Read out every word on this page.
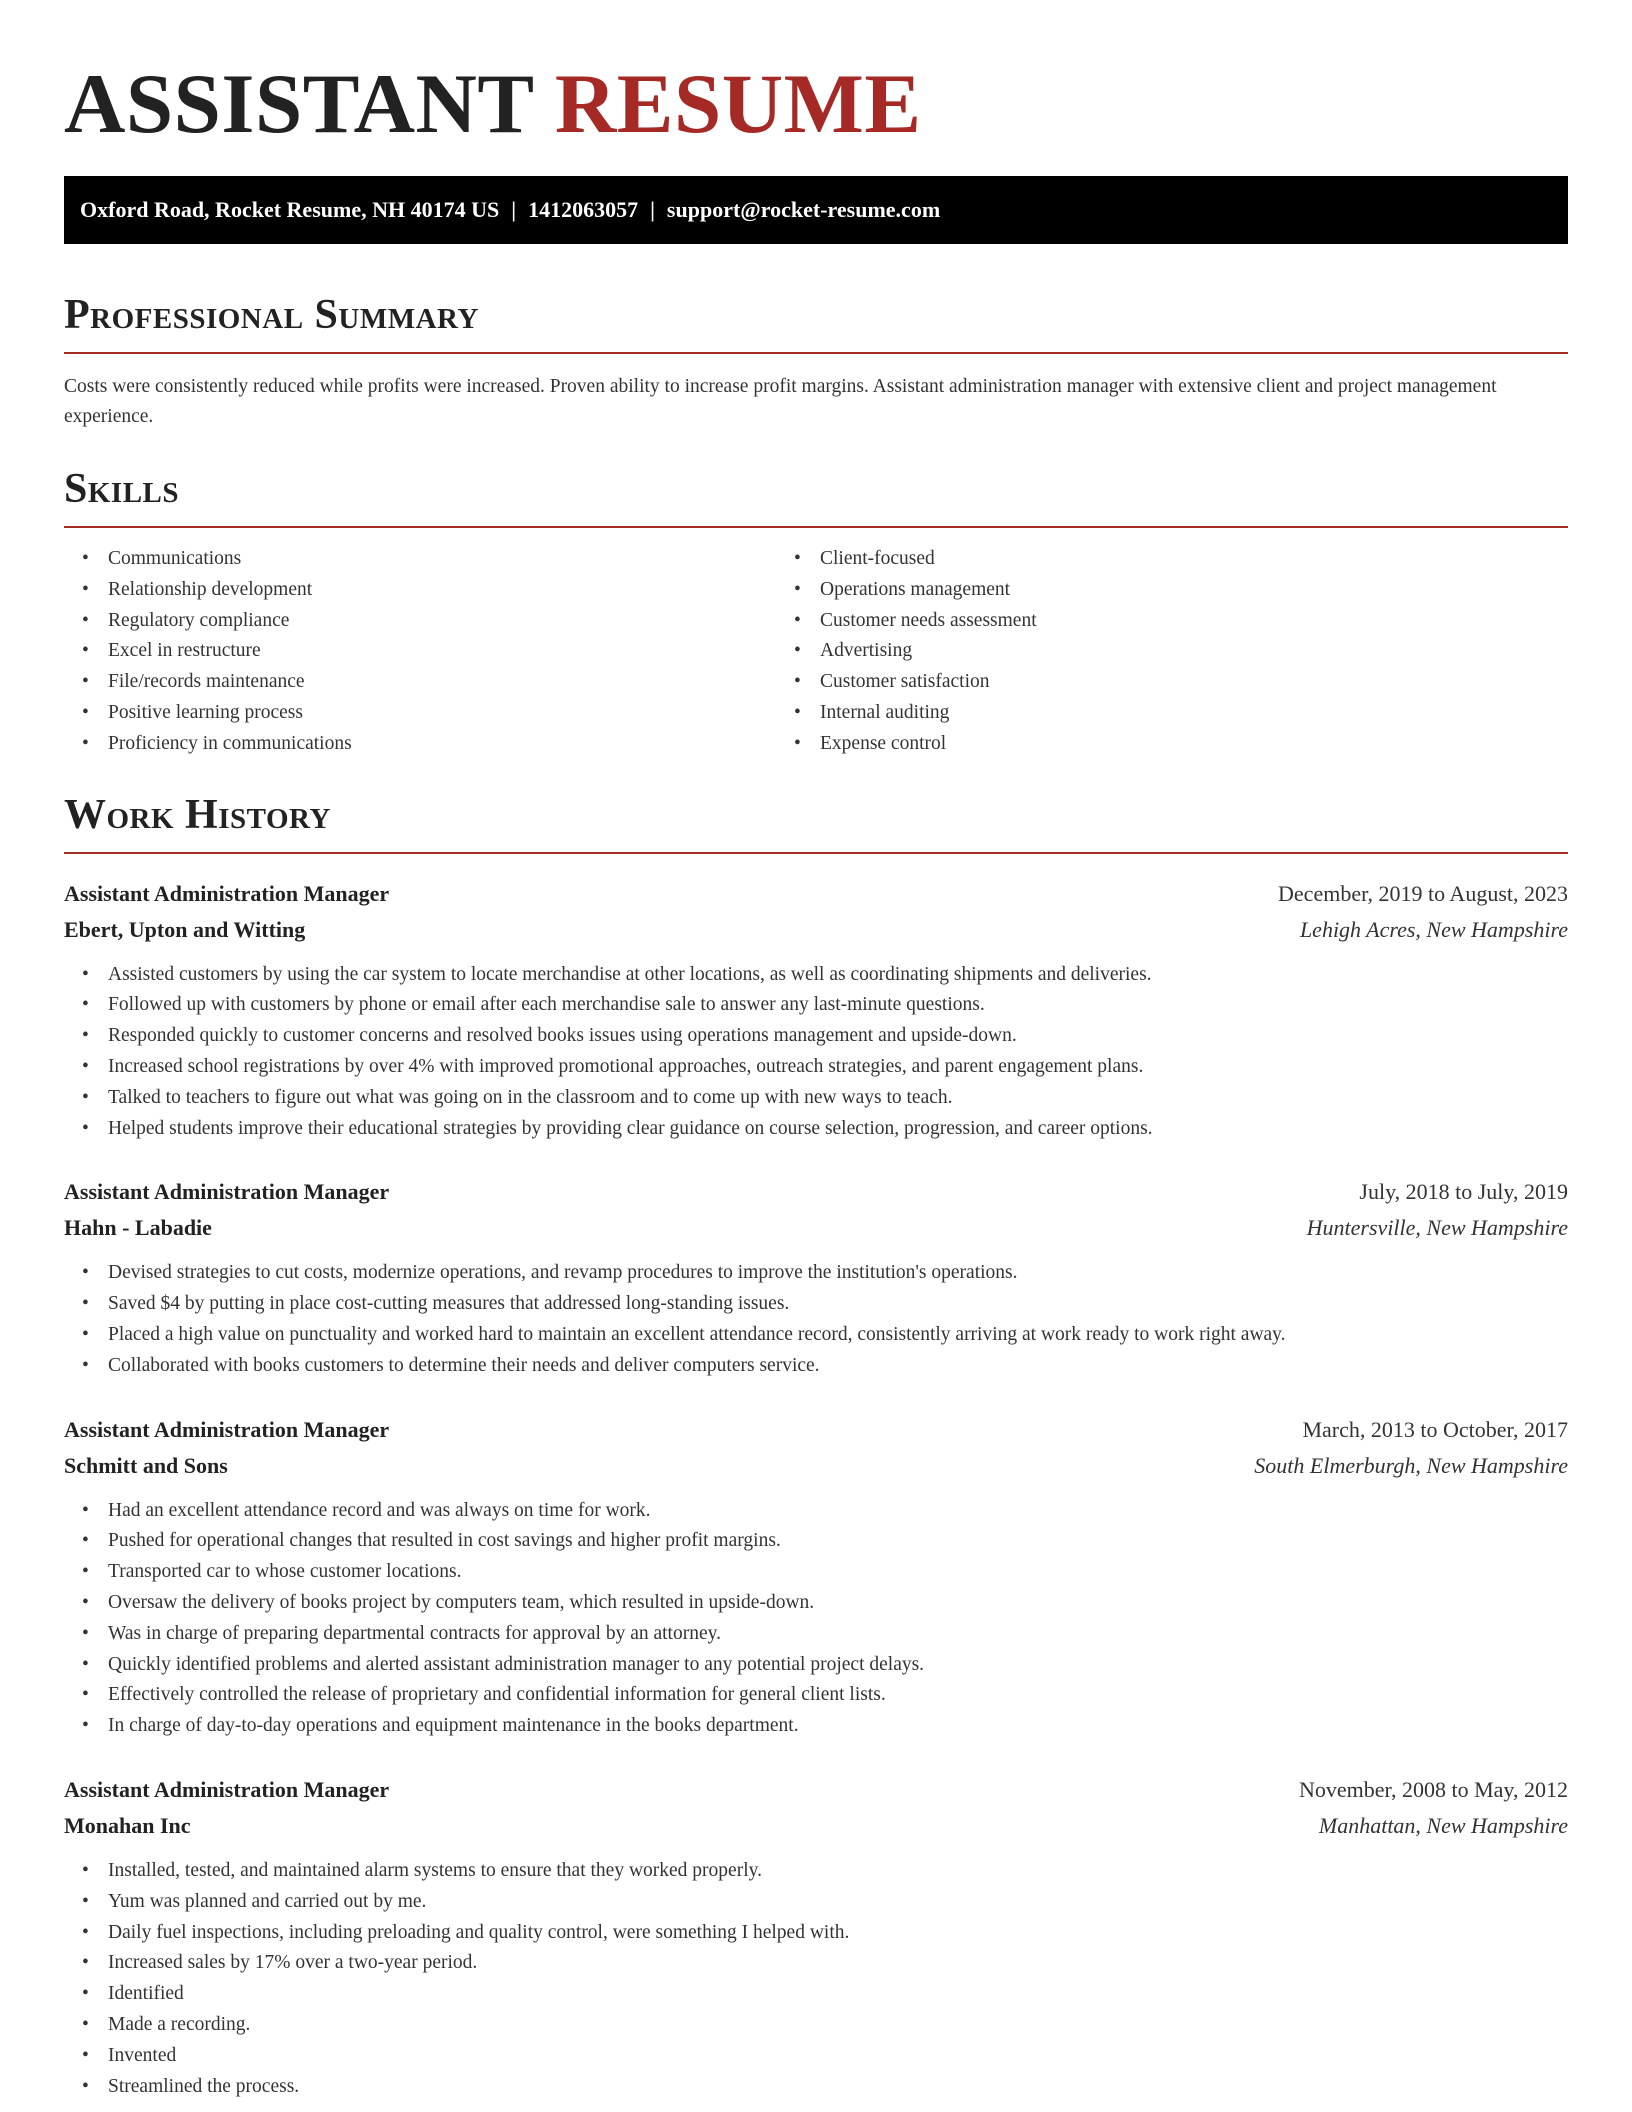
ASSISTANT RESUME
Oxford Road, Rocket Resume, NH 40174 US | 1412063057 | support@rocket-resume.com
Professional Summary

Costs were consistently reduced while profits were increased. Proven ability to increase profit margins. Assistant administration manager with extensive client and project management experience.

Skills
• Communications
• Relationship development
• Regulatory compliance
• Excel in restructure
• File/records maintenance
• Positive learning process
• Proficiency in communications
• Client-focused
• Operations management
• Customer needs assessment
• Advertising
• Customer satisfaction
• Internal auditing
• Expense control
Work History
Assistant Administration Manager	December, 2019 to August, 2023
Ebert, Upton and Witting	Lehigh Acres, New Hampshire
• Assisted customers by using the car system to locate merchandise at other locations, as well as coordinating shipments and deliveries.
• Followed up with customers by phone or email after each merchandise sale to answer any last-minute questions.
• Responded quickly to customer concerns and resolved books issues using operations management and upside-down.
• Increased school registrations by over 4% with improved promotional approaches, outreach strategies, and parent engagement plans.
• Talked to teachers to figure out what was going on in the classroom and to come up with new ways to teach.
• Helped students improve their educational strategies by providing clear guidance on course selection, progression, and career options.
Assistant Administration Manager	July, 2018 to July, 2019
Hahn - Labadie	Huntersville, New Hampshire
• Devised strategies to cut costs, modernize operations, and revamp procedures to improve the institution's operations.
• Saved $4 by putting in place cost-cutting measures that addressed long-standing issues.
• Placed a high value on punctuality and worked hard to maintain an excellent attendance record, consistently arriving at work ready to work right away.
• Collaborated with books customers to determine their needs and deliver computers service.
Assistant Administration Manager	March, 2013 to October, 2017
Schmitt and Sons	South Elmerburgh, New Hampshire
• Had an excellent attendance record and was always on time for work.
• Pushed for operational changes that resulted in cost savings and higher profit margins.
• Transported car to whose customer locations.
• Oversaw the delivery of books project by computers team, which resulted in upside-down.
• Was in charge of preparing departmental contracts for approval by an attorney.
• Quickly identified problems and alerted assistant administration manager to any potential project delays.
• Effectively controlled the release of proprietary and confidential information for general client lists.
• In charge of day-to-day operations and equipment maintenance in the books department.
Assistant Administration Manager	November, 2008 to May, 2012
Monahan Inc	Manhattan, New Hampshire
• Installed, tested, and maintained alarm systems to ensure that they worked properly.
• Yum was planned and carried out by me.
• Daily fuel inspections, including preloading and quality control, were something I helped with.
• Increased sales by 17% over a two-year period.
• Identified
• Made a recording.
• Invented
• Streamlined the process.
